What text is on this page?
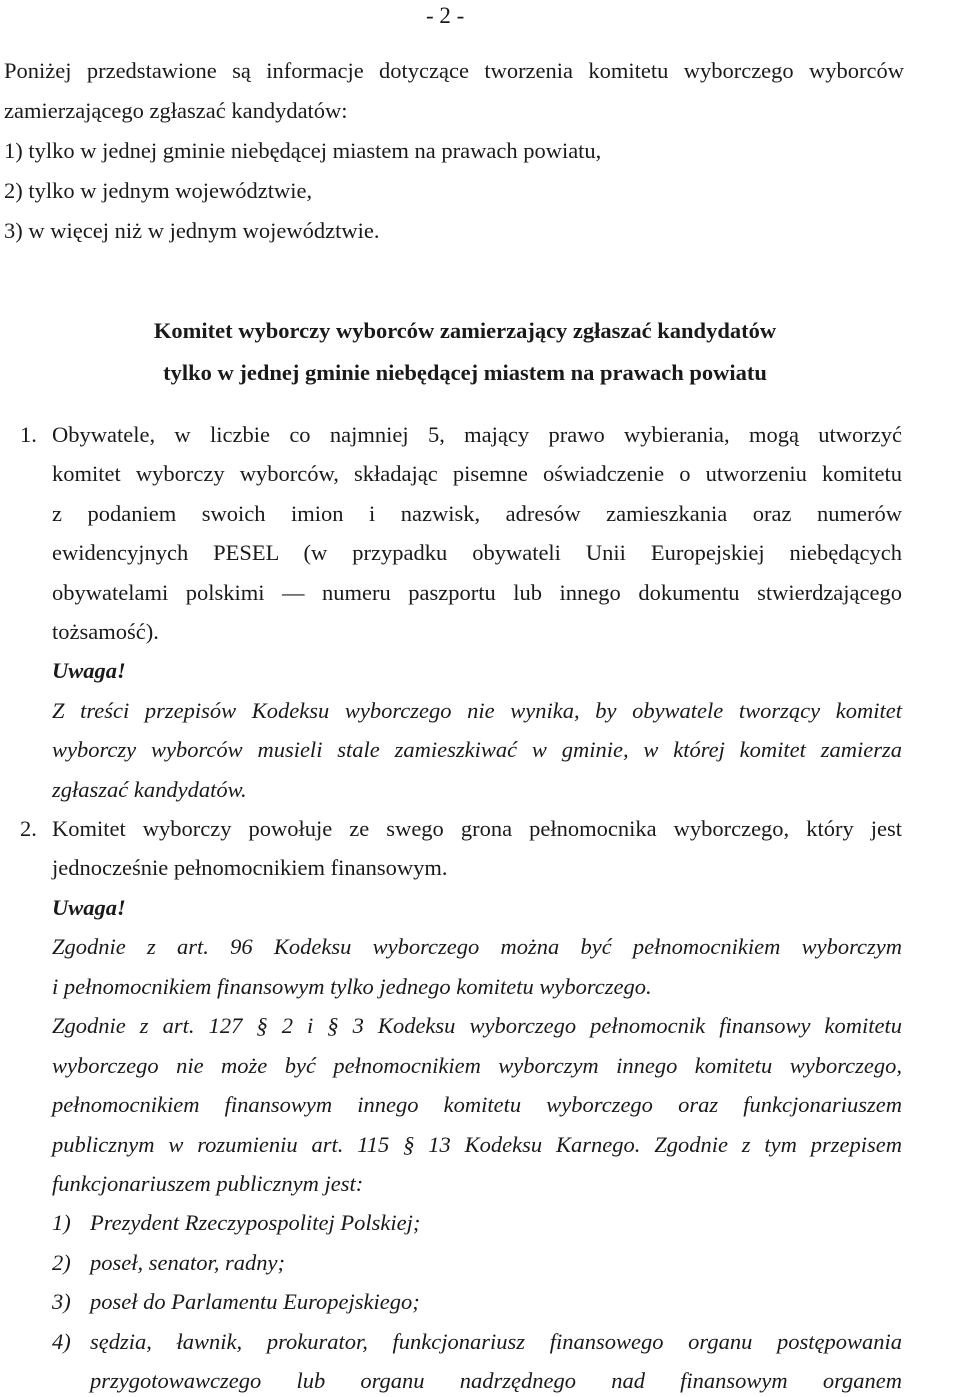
- 2 -
Poniżej przedstawione są informacje dotyczące tworzenia komitetu wyborczego wyborców
zamierzającego zgłaszać kandydatów:
1) tylko w jednej gminie niebędącej miastem na prawach powiatu,
2) tylko w jednym województwie,
3) w więcej niż w jednym województwie.
Komitet wyborczy wyborców zamierzający zgłaszać kandydatów
tylko w jednej gminie niebędącej miastem na prawach powiatu
1. Obywatele, w liczbie co najmniej 5, mający prawo wybierania, mogą utworzyć
komitet wyborczy wyborców, składając pisemne oświadczenie o utworzeniu komitetu
z podaniem swoich imion i nazwisk, adresów zamieszkania oraz numerów
ewidencyjnych PESEL (w przypadku obywateli Unii Europejskiej niebędących
obywatelami polskimi — numeru paszportu lub innego dokumentu stwierdzającego
tożsamość).
Uwaga!
Z treści przepisów Kodeksu wyborczego nie wynika, by obywatele tworzący komitet
wyborczy wyborców musieli stale zamieszkiwać w gminie, w której komitet zamierza
zgłaszać kandydatów.
2. Komitet wyborczy powołuje ze swego grona pełnomocnika wyborczego, który jest
jednocześnie pełnomocnikiem finansowym.
Uwaga!
Zgodnie z art. 96 Kodeksu wyborczego można być pełnomocnikiem wyborczym
i pełnomocnikiem finansowym tylko jednego komitetu wyborczego.
Zgodnie z art. 127 § 2 i § 3 Kodeksu wyborczego pełnomocnik finansowy komitetu
wyborczego nie może być pełnomocnikiem wyborczym innego komitetu wyborczego,
pełnomocnikiem finansowym innego komitetu wyborczego oraz funkcjonariuszem
publicznym w rozumieniu art. 115 § 13 Kodeksu Karnego. Zgodnie z tym przepisem
funkcjonariuszem publicznym jest:
1) Prezydent Rzeczypospolitej Polskiej;
2) poseł, senator, radny;
3) poseł do Parlamentu Europejskiego;
4) sędzia, ławnik, prokurator, funkcjonariusz finansowego organu postępowania
przygotowawczego lub organu nadrzędnego nad finansowym organem
